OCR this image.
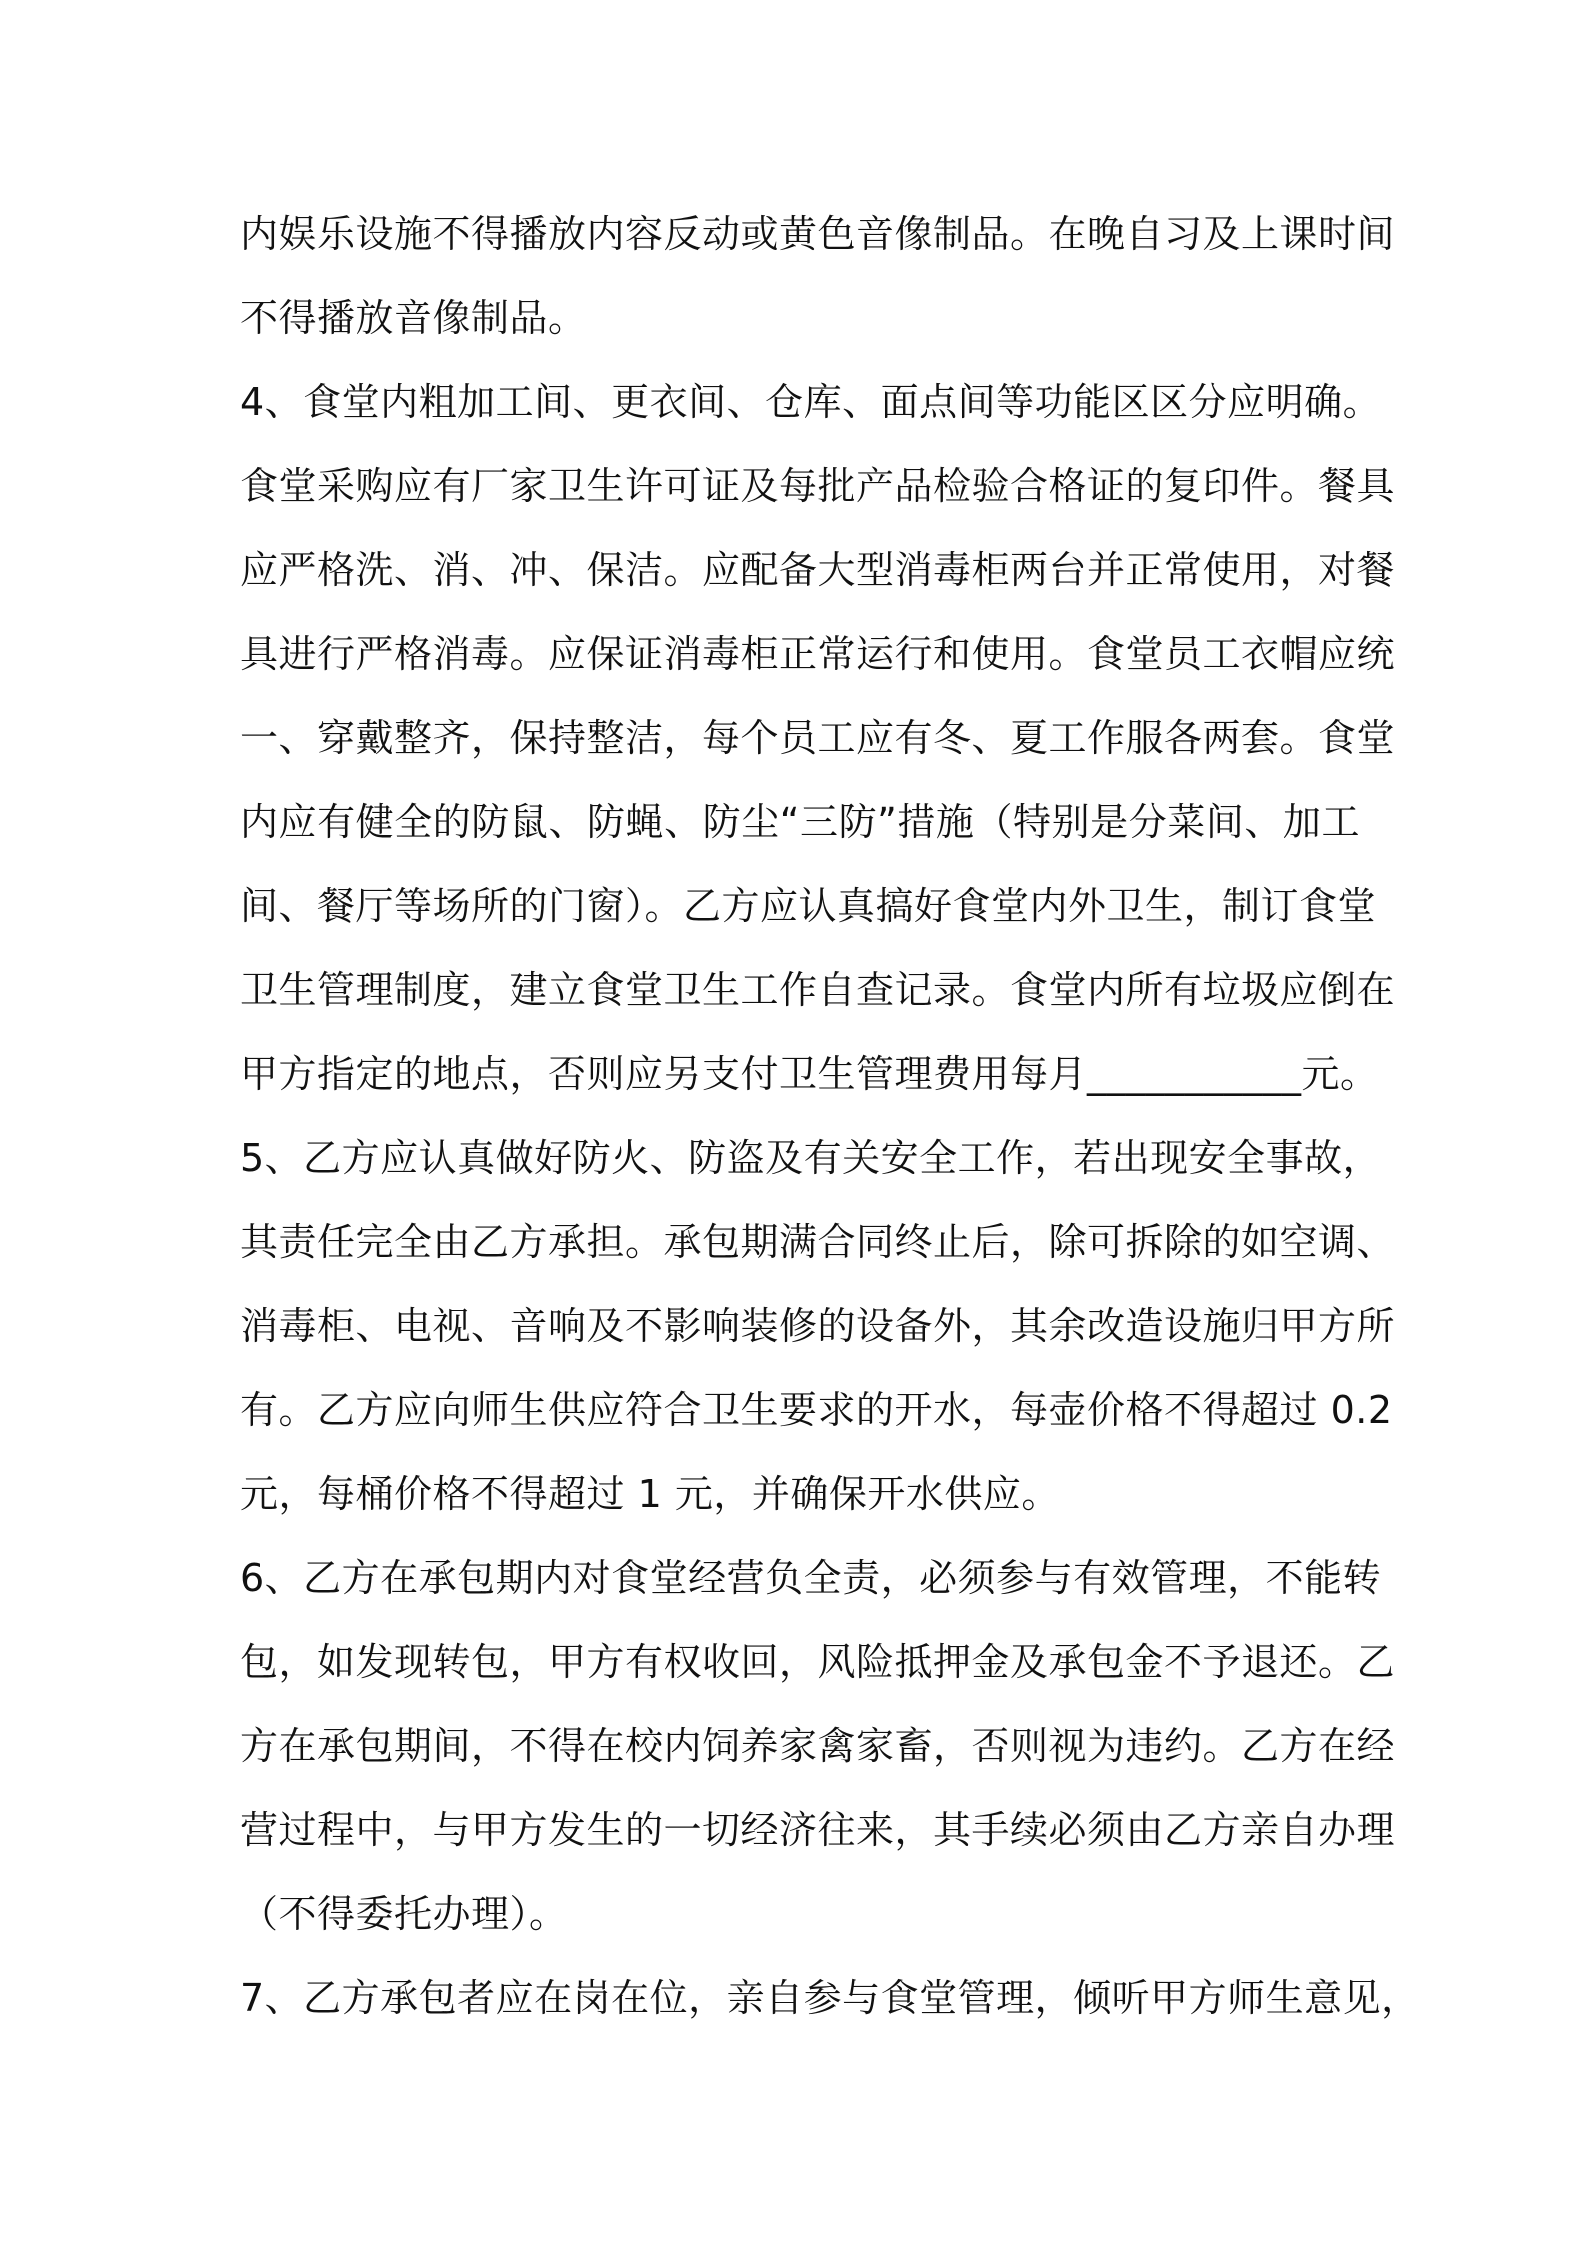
内娱乐设施不得播放内容反动或黄色音像制品。在晚自习及上课时间
不得播放音像制品。
4、食堂内粗加工间、更衣间、仓库、面点间等功能区区分应明确。
食堂采购应有厂家卫生许可证及每批产品检验合格证的复印件。餐具
应严格洗、消、冲、保洁。应配备大型消毒柜两台并正常使用，对餐
具进行严格消毒。应保证消毒柜正常运行和使用。食堂员工衣帽应统
一、穿戴整齐，保持整洁，每个员工应有冬、夏工作服各两套。食堂
内应有健全的防鼠、防蝇、防尘“三防”措施（特别是分菜间、加工
间、餐厅等场所的门窗）。乙方应认真搞好食堂内外卫生，制订食堂
卫生管理制度，建立食堂卫生工作自查记录。食堂内所有垃圾应倒在
甲方指定的地点，否则应另支付卫生管理费用每月___________元。
5、乙方应认真做好防火、防盗及有关安全工作，若出现安全事故，
其责任完全由乙方承担。承包期满合同终止后，除可拆除的如空调、
消毒柜、电视、音响及不影响装修的设备外，其余改造设施归甲方所
有。乙方应向师生供应符合卫生要求的开水，每壶价格不得超过 0.2
元，每桶价格不得超过 1 元，并确保开水供应。
6、乙方在承包期内对食堂经营负全责，必须参与有效管理，不能转
包，如发现转包，甲方有权收回，风险抵押金及承包金不予退还。乙
方在承包期间，不得在校内饲养家禽家畜，否则视为违约。乙方在经
营过程中，与甲方发生的一切经济往来，其手续必须由乙方亲自办理
（不得委托办理）。
7、乙方承包者应在岗在位，亲自参与食堂管理，倾听甲方师生意见，
